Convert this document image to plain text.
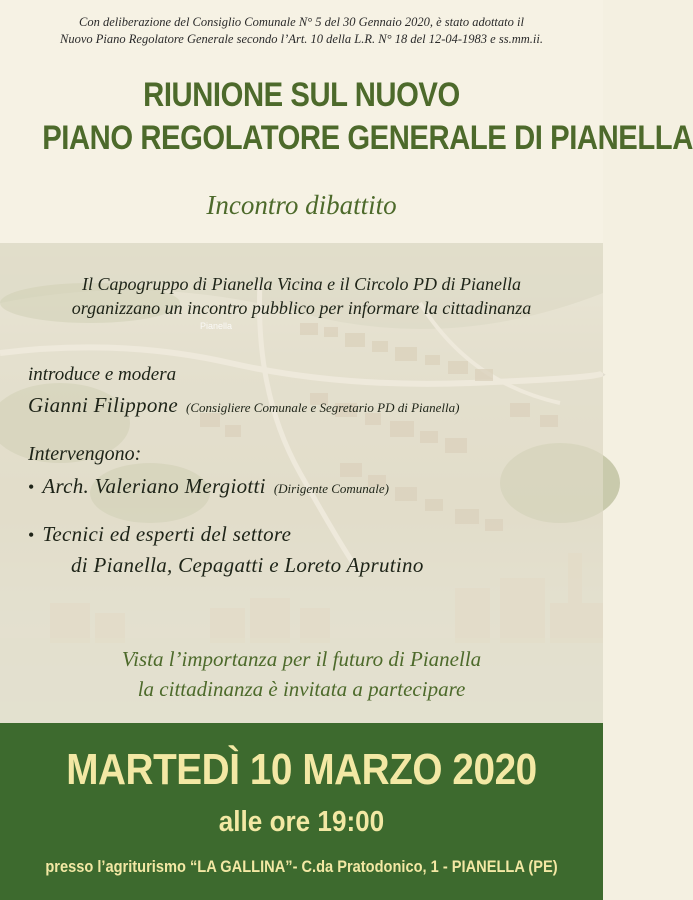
Con deliberazione del Consiglio Comunale N° 5 del 30 Gennaio 2020, è stato adottato il
Nuovo Piano Regolatore Generale secondo l’Art. 10 della L.R. N° 18 del 12-04-1983 e ss.mm.ii.
RIUNIONE SUL NUOVO
PIANO REGOLATORE GENERALE DI PIANELLA
Incontro dibattito
Pianella
Il Capogruppo di Pianella Vicina e il Circolo PD di Pianella
organizzano un incontro pubblico per informare la cittadinanza
introduce e modera
Gianni Filippone (Consigliere Comunale e Segretario PD di Pianella)
Intervengono:
• Arch. Valeriano Mergiotti (Dirigente Comunale)
• Tecnici ed esperti del settore
di Pianella, Cepagatti e Loreto Aprutino
Vista l’importanza per il futuro di Pianella
la cittadinanza è invitata a partecipare
MARTEDÌ 10 MARZO 2020
alle ore 19:00
presso l’agriturismo “LA GALLINA”- C.da Pratodonico, 1 - PIANELLA (PE)
